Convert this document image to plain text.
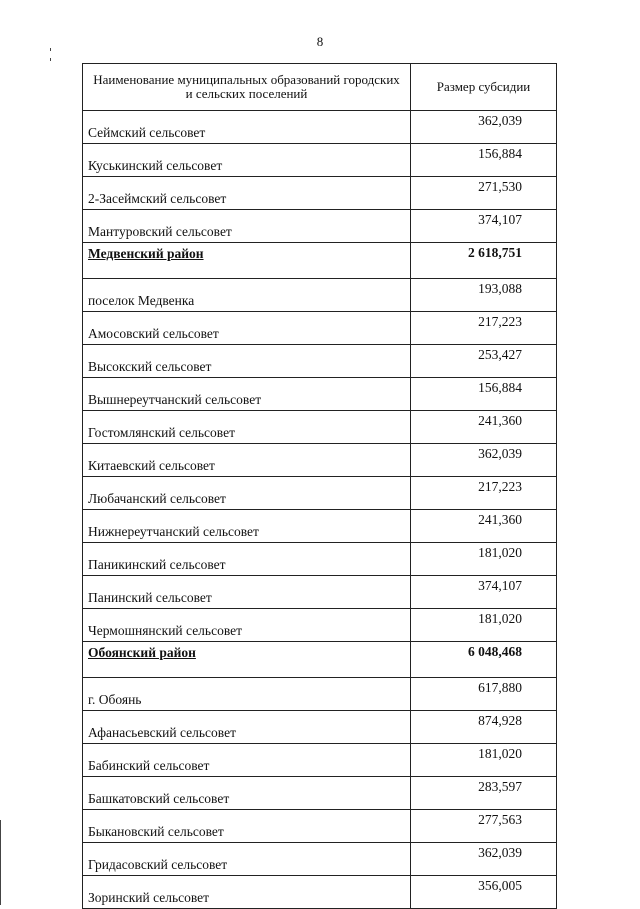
8
Наименование муниципальных образований городских и сельских поселений	Размер субсидии
Сеймский сельсовет	362,039
Куськинский сельсовет	156,884
2-Засеймский сельсовет	271,530
Мантуровский сельсовет	374,107
Медвенский район	2 618,751
поселок Медвенка	193,088
Амосовский сельсовет	217,223
Высокский сельсовет	253,427
Вышнереутчанский сельсовет	156,884
Гостомлянский сельсовет	241,360
Китаевский сельсовет	362,039
Любачанский сельсовет	217,223
Нижнереутчанский сельсовет	241,360
Паникинский сельсовет	181,020
Панинский сельсовет	374,107
Чермошнянский сельсовет	181,020
Обоянский район	6 048,468
г. Обоянь	617,880
Афанасьевский сельсовет	874,928
Бабинский сельсовет	181,020
Башкатовский сельсовет	283,597
Быкановский сельсовет	277,563
Гридасовский сельсовет	362,039
Зоринский сельсовет	356,005
